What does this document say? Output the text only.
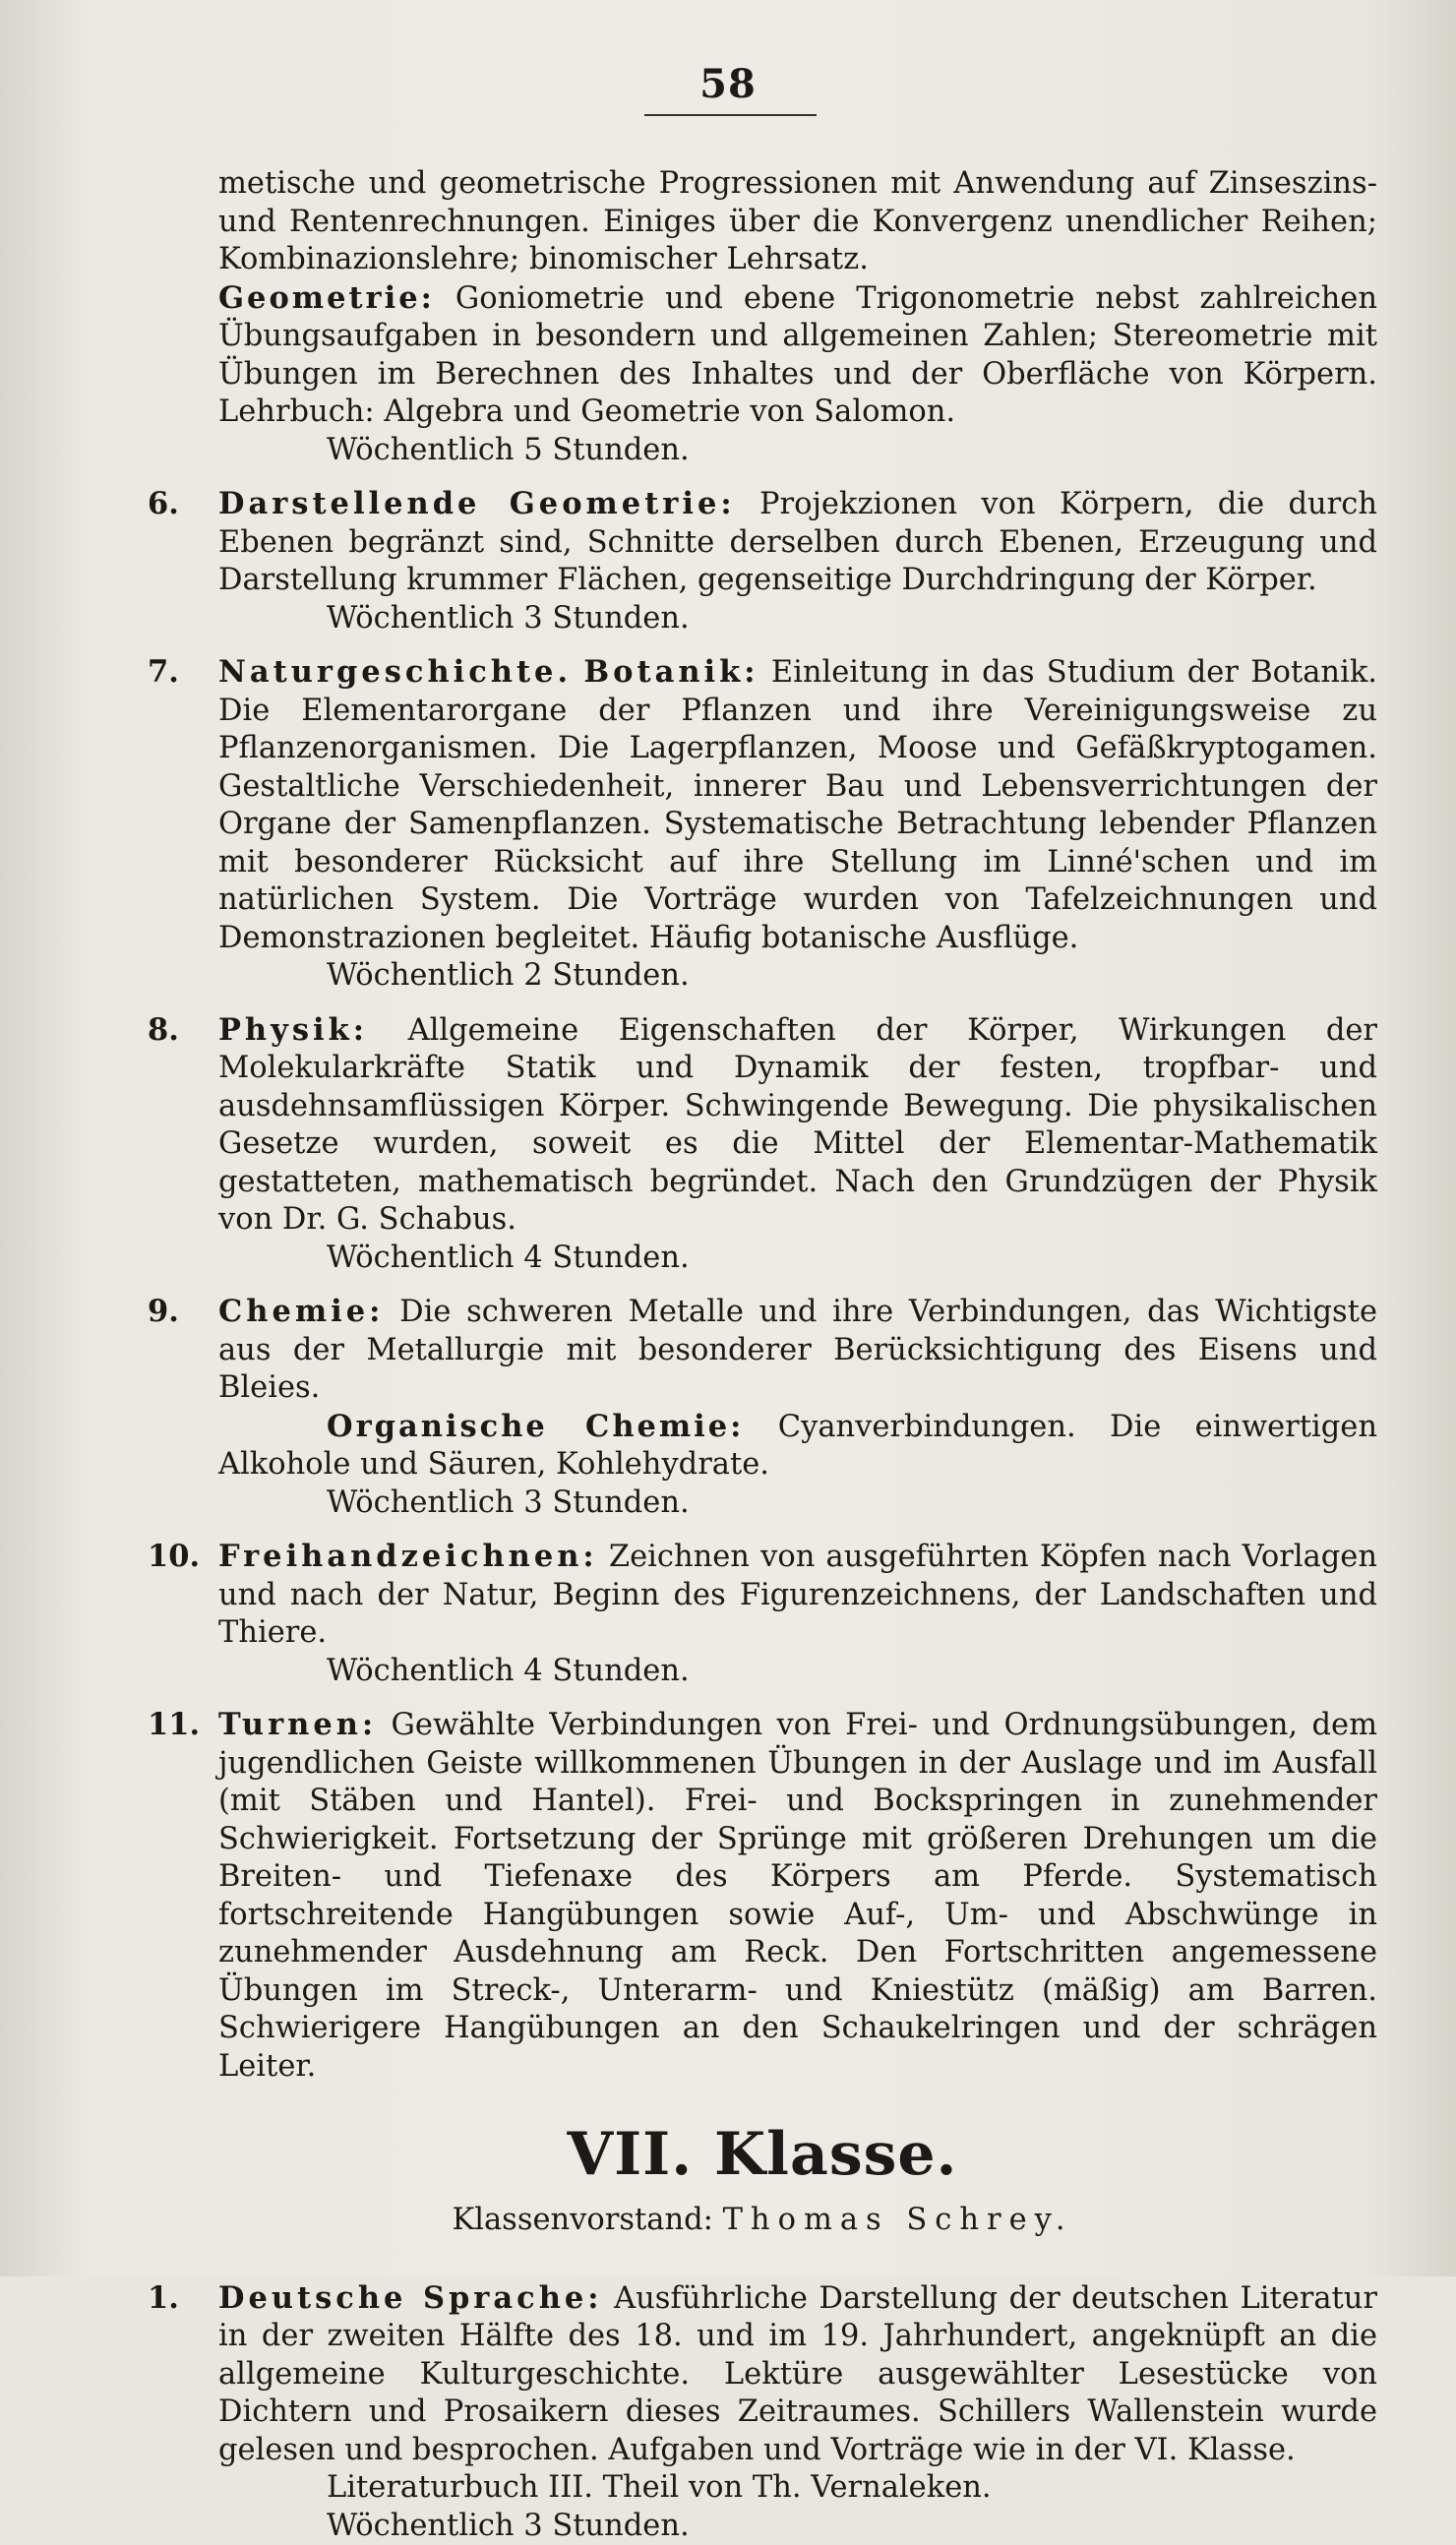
58

metische und geometrische Progressionen mit Anwendung auf Zinseszins- und Rentenrechnungen. Einiges über die Konvergenz unendlicher Reihen; Kombinazionslehre; binomischer Lehrsatz.

Geometrie: Goniometrie und ebene Trigonometrie nebst zahlreichen Übungsaufgaben in besondern und allgemeinen Zahlen; Stereometrie mit Übungen im Berechnen des Inhaltes und der Oberfläche von Körpern. Lehrbuch: Algebra und Geometrie von Salomon.

Wöchentlich 5 Stunden.

6.	Darstellende Geometrie: Projekzionen von Körpern, die durch Ebenen begränzt sind, Schnitte derselben durch Ebenen, Erzeugung und Darstellung krummer Flächen, gegenseitige Durchdringung der Körper.

Wöchentlich 3 Stunden.

7.	Naturgeschichte. Botanik: Einleitung in das Studium der Botanik. Die Elementarorgane der Pflanzen und ihre Vereinigungsweise zu Pflanzenorganismen. Die Lagerpflanzen, Moose und Gefäßkryptogamen. Gestaltliche Verschiedenheit, innerer Bau und Lebensverrichtungen der Organe der Samenpflanzen. Systematische Betrachtung lebender Pflanzen mit besonderer Rücksicht auf ihre Stellung im Linné'schen und im natürlichen System. Die Vorträge wurden von Tafelzeichnungen und Demonstrazionen begleitet. Häufig botanische Ausflüge.

Wöchentlich 2 Stunden.

8.	Physik: Allgemeine Eigenschaften der Körper, Wirkungen der Molekularkräfte Statik und Dynamik der festen, tropfbar- und ausdehnsamflüssigen Körper. Schwingende Bewegung. Die physikalischen Gesetze wurden, soweit es die Mittel der Elementar-Mathematik gestatteten, mathematisch begründet. Nach den Grundzügen der Physik von Dr. G. Schabus.

Wöchentlich 4 Stunden.

9.	Chemie: Die schweren Metalle und ihre Verbindungen, das Wichtigste aus der Metallurgie mit besonderer Berücksichtigung des Eisens und Bleies.

Organische Chemie: Cyanverbindungen. Die einwertigen Alkohole und Säuren, Kohlehydrate.

Wöchentlich 3 Stunden.

10. Freihandzeichnen: Zeichnen von ausgeführten Köpfen nach Vorlagen und nach der Natur, Beginn des Figurenzeichnens, der Landschaften und Thiere.

Wöchentlich 4 Stunden.

11. Turnen: Gewählte Verbindungen von Frei- und Ordnungsübungen, dem jugendlichen Geiste willkommenen Übungen in der Auslage und im Ausfall (mit Stäben und Hantel). Frei- und Bockspringen in zunehmender Schwierigkeit. Fortsetzung der Sprünge mit größeren Drehungen um die Breiten- und Tiefenaxe des Körpers am Pferde. Systematisch fortschreitende Hangübungen sowie Auf-, Um- und Abschwünge in zunehmender Ausdehnung am Reck. Den Fortschritten angemessene Übungen im Streck-, Unterarm- und Kniestütz (mäßig) am Barren. Schwierigere Hangübungen an den Schaukelringen und der schrägen Leiter.

VII. Klasse.
Klassenvorstand: Thomas Schrey.
1.	Deutsche Sprache: Ausführliche Darstellung der deutschen Literatur in der zweiten Hälfte des 18. und im 19. Jahrhundert, angeknüpft an die allgemeine Kulturgeschichte. Lektüre ausgewählter Lesestücke von Dichtern und Prosaikern dieses Zeitraumes. Schillers Wallenstein wurde gelesen und besprochen. Aufgaben und Vorträge wie in der VI. Klasse.

Literaturbuch III. Theil von Th. Vernaleken.

Wöchentlich 3 Stunden.
